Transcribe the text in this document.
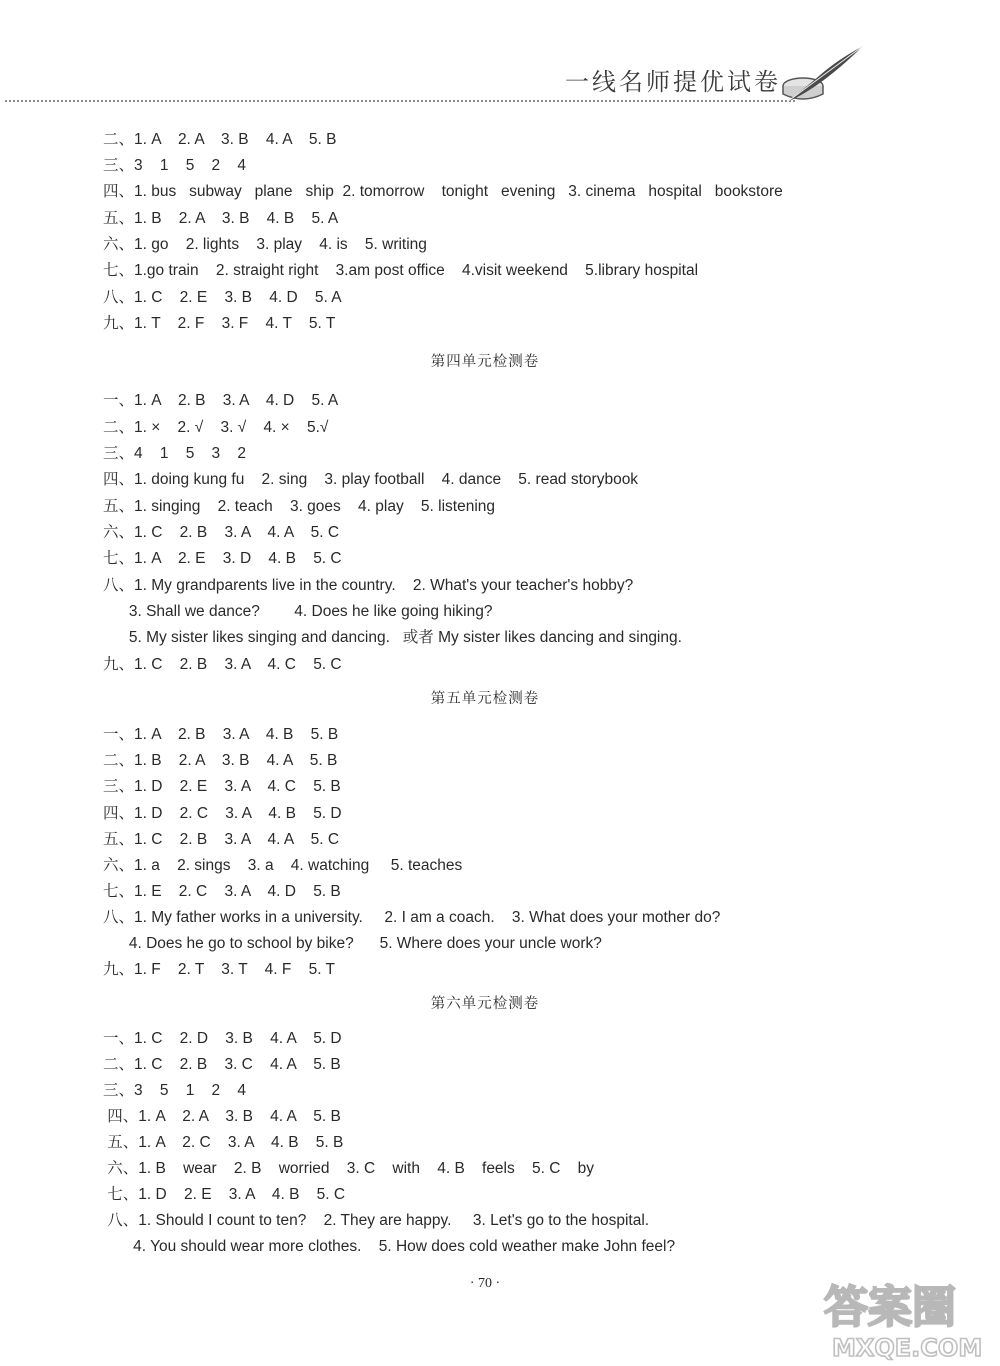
一线名师提优试卷
二、1. A    2. A    3. B    4. A    5. B
三、3    1    5    2    4
四、1. bus   subway   plane   ship  2. tomorrow    tonight   evening   3. cinema   hospital   bookstore
五、1. B    2. A    3. B    4. B    5. A
六、1. go    2. lights    3. play    4. is    5. writing
七、1.go train    2. straight right    3.am post office    4.visit weekend    5.library hospital
八、1. C    2. E    3. B    4. D    5. A
九、1. T    2. F    3. F    4. T    5. T
第四单元检测卷
一、1. A    2. B    3. A    4. D    5. A
二、1. ×    2. √    3. √    4. ×    5.√
三、4    1    5    3    2
四、1. doing kung fu    2. sing    3. play football    4. dance    5. read storybook
五、1. singing    2. teach    3. goes    4. play    5. listening
六、1. C    2. B    3. A    4. A    5. C
七、1. A    2. E    3. D    4. B    5. C
八、1. My grandparents live in the country.    2. What's your teacher's hobby?
3. Shall we dance?        4. Does he like going hiking?
5. My sister likes singing and dancing.   或者 My sister likes dancing and singing.
九、1. C    2. B    3. A    4. C    5. C
第五单元检测卷
一、1. A    2. B    3. A    4. B    5. B
二、1. B    2. A    3. B    4. A    5. B
三、1. D    2. E    3. A    4. C    5. B
四、1. D    2. C    3. A    4. B    5. D
五、1. C    2. B    3. A    4. A    5. C
六、1. a    2. sings    3. a    4. watching     5. teaches
七、1. E    2. C    3. A    4. D    5. B
八、1. My father works in a university.     2. I am a coach.    3. What does your mother do?
4. Does he go to school by bike?      5. Where does your uncle work?
九、1. F    2. T    3. T    4. F    5. T
第六单元检测卷
一、1. C    2. D    3. B    4. A    5. D
二、1. C    2. B    3. C    4. A    5. B
三、3    5    1    2    4
四、1. A    2. A    3. B    4. A    5. B
五、1. A    2. C    3. A    4. B    5. B
六、1. B    wear    2. B    worried    3. C    with    4. B    feels    5. C    by
七、1. D    2. E    3. A    4. B    5. C
八、1. Should I count to ten?    2. They are happy.     3. Let's go to the hospital.
4. You should wear more clothes.    5. How does cold weather make John feel?
· 70 ·	答案圈
MXQE.COM
